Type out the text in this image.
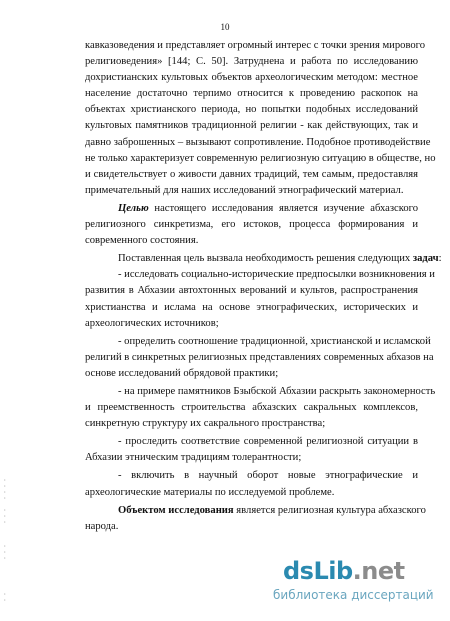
10
кавказоведения и представляет огромный интерес с точки зрения мирового
религиоведения» [144; С. 50]. Затруднена и работа по исследованию
дохристианских культовых объектов археологическим методом: местное
население достаточно терпимо относится к проведению раскопок на
объектах христианского периода, но попытки подобных исследований
культовых памятников традиционной религии - как действующих, так и
давно заброшенных – вызывают сопротивление. Подобное противодействие
не только характеризует современную религиозную ситуацию в обществе, но
и свидетельствует о живости давних традиций, тем самым, предоставляя
примечательный для наших исследований этнографический материал.
Целью настоящего исследования является изучение абхазского
религиозного синкретизма, его истоков, процесса формирования и
современного состояния.
Поставленная цель вызвала необходимость решения следующих задач:
- исследовать социально-исторические предпосылки возникновения и
развития в Абхазии автохтонных верований и культов, распространения
христианства и ислама на основе этнографических, исторических и
археологических источников;
- определить соотношение традиционной, христианской и исламской
религий в синкретных религиозных представлениях современных абхазов на
основе исследований обрядовой практики;
- на примере памятников Бзыбской Абхазии раскрыть закономерность
и преемственность строительства абхазских сакральных комплексов,
синкретную структуру их сакрального пространства;
- проследить соответствие современной религиозной ситуации в
Абхазии этническим традициям толерантности;
- включить в научный оборот новые этнографические и
археологические материалы по исследуемой проблеме.
Объектом исследования является религиозная культура абхазского
народа.
·
·
·
·

·
·
·

·
·
·

·
·
dsLib.net
библиотека диссертаций
